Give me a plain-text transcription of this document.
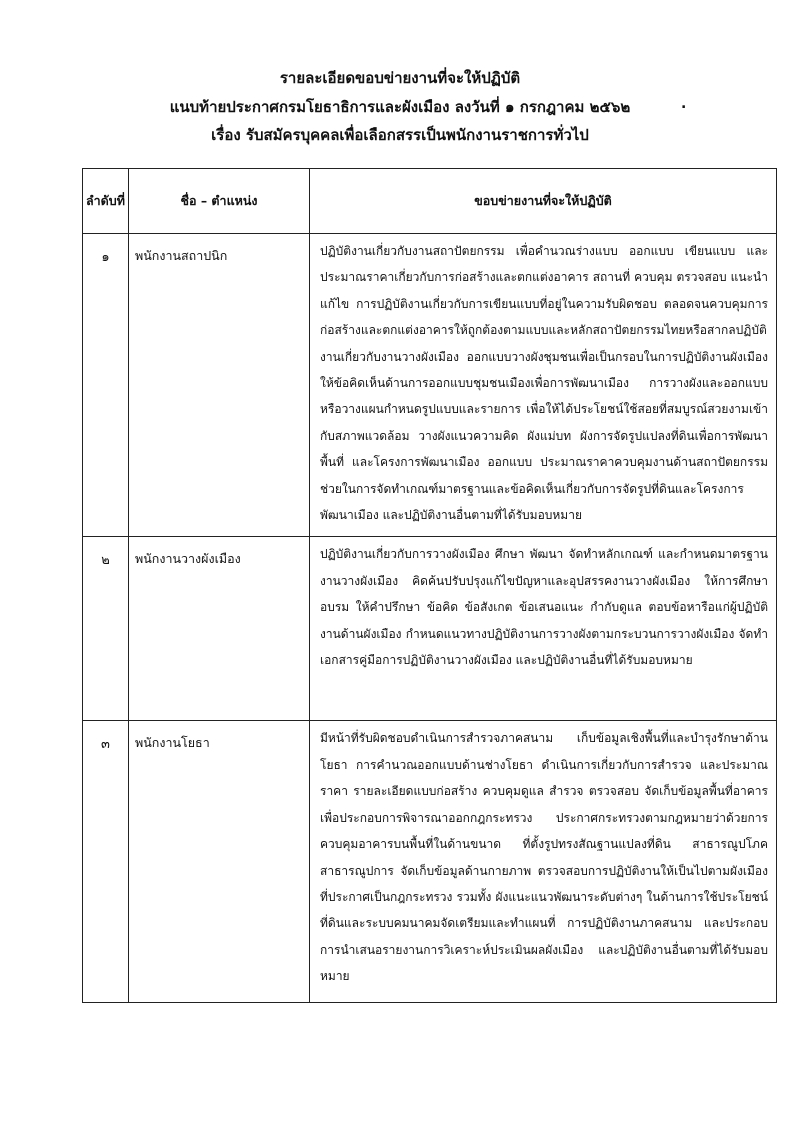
รายละเอียดขอบข่ายงานที่จะให้ปฏิบัติ
แนบท้ายประกาศกรมโยธาธิการและผังเมือง ลงวันที่ ๑ กรกฎาคม ๒๕๖๒
เรื่อง รับสมัครบุคคลเพื่อเลือกสรรเป็นพนักงานราชการทั่วไป
.
ลำดับที่	ชื่อ – ตำแหน่ง	ขอบข่ายงานที่จะให้ปฏิบัติ
๑	พนักงานสถาปนิก	ปฏิบัติงานเกี่ยวกับงานสถาปัตยกรรม เพื่อคำนวณร่างแบบ ออกแบบ เขียนแบบ และประมาณราคาเกี่ยวกับการก่อสร้างและตกแต่งอาคาร สถานที่ ควบคุม ตรวจสอบ แนะนำ แก้ไข การปฏิบัติงานเกี่ยวกับการเขียนแบบที่อยู่ในความรับผิดชอบ ตลอดจนควบคุมการก่อสร้างและตกแต่งอาคารให้ถูกต้องตามแบบและหลักสถาปัตยกรรมไทยหรือสากลปฏิบัติงานเกี่ยวกับงานวางผังเมือง ออกแบบวางผังชุมชนเพื่อเป็นกรอบในการปฏิบัติงานผังเมือง ให้ข้อคิดเห็นด้านการออกแบบชุมชนเมืองเพื่อการพัฒนาเมือง การวางผังและออกแบบ หรือวางแผนกำหนดรูปแบบและรายการ เพื่อให้ได้ประโยชน์ใช้สอยที่สมบูรณ์สวยงามเข้ากับสภาพแวดล้อม วางผังแนวความคิด ผังแม่บท ผังการจัดรูปแปลงที่ดินเพื่อการพัฒนาพื้นที่ และโครงการพัฒนาเมือง ออกแบบ ประมาณราคาควบคุมงานด้านสถาปัตยกรรม ช่วยในการจัดทำเกณฑ์มาตรฐานและข้อคิดเห็นเกี่ยวกับการจัดรูปที่ดินและโครงการพัฒนาเมือง และปฏิบัติงานอื่นตามที่ได้รับมอบหมาย
๒	พนักงานวางผังเมือง	ปฏิบัติงานเกี่ยวกับการวางผังเมือง ศึกษา พัฒนา จัดทำหลักเกณฑ์ และกำหนดมาตรฐานงานวางผังเมือง คิดค้นปรับปรุงแก้ไขปัญหาและอุปสรรคงานวางผังเมือง ให้การศึกษาอบรม ให้คำปรึกษา ข้อคิด ข้อสังเกต ข้อเสนอแนะ กำกับดูแล ตอบข้อหารือแก่ผู้ปฏิบัติงานด้านผังเมือง กำหนดแนวทางปฏิบัติงานการวางผังตามกระบวนการวางผังเมือง จัดทำเอกสารคู่มือการปฏิบัติงานวางผังเมือง และปฏิบัติงานอื่นที่ได้รับมอบหมาย
๓	พนักงานโยธา	มีหน้าที่รับผิดชอบดำเนินการสำรวจภาคสนาม เก็บข้อมูลเชิงพื้นที่และบำรุงรักษาด้านโยธา การคำนวณออกแบบด้านช่างโยธา ดำเนินการเกี่ยวกับการสำรวจ และประมาณราคา รายละเอียดแบบก่อสร้าง ควบคุมดูแล สำรวจ ตรวจสอบ จัดเก็บข้อมูลพื้นที่อาคารเพื่อประกอบการพิจารณาออกกฎกระทรวง ประกาศกระทรวงตามกฎหมายว่าด้วยการควบคุมอาคารบนพื้นที่ในด้านขนาด ที่ตั้งรูปทรงสัณฐานแปลงที่ดิน สาธารณูปโภค สาธารณูปการ จัดเก็บข้อมูลด้านกายภาพ ตรวจสอบการปฏิบัติงานให้เป็นไปตามผังเมือง ที่ประกาศเป็นกฎกระทรวง รวมทั้ง ผังแนะแนวพัฒนาระดับต่างๆ ในด้านการใช้ประโยชน์ที่ดินและระบบคมนาคมจัดเตรียมและทำแผนที่ การปฏิบัติงานภาคสนาม และประกอบการนำเสนอรายงานการวิเคราะห์ประเมินผลผังเมือง และปฏิบัติงานอื่นตามที่ได้รับมอบหมาย
